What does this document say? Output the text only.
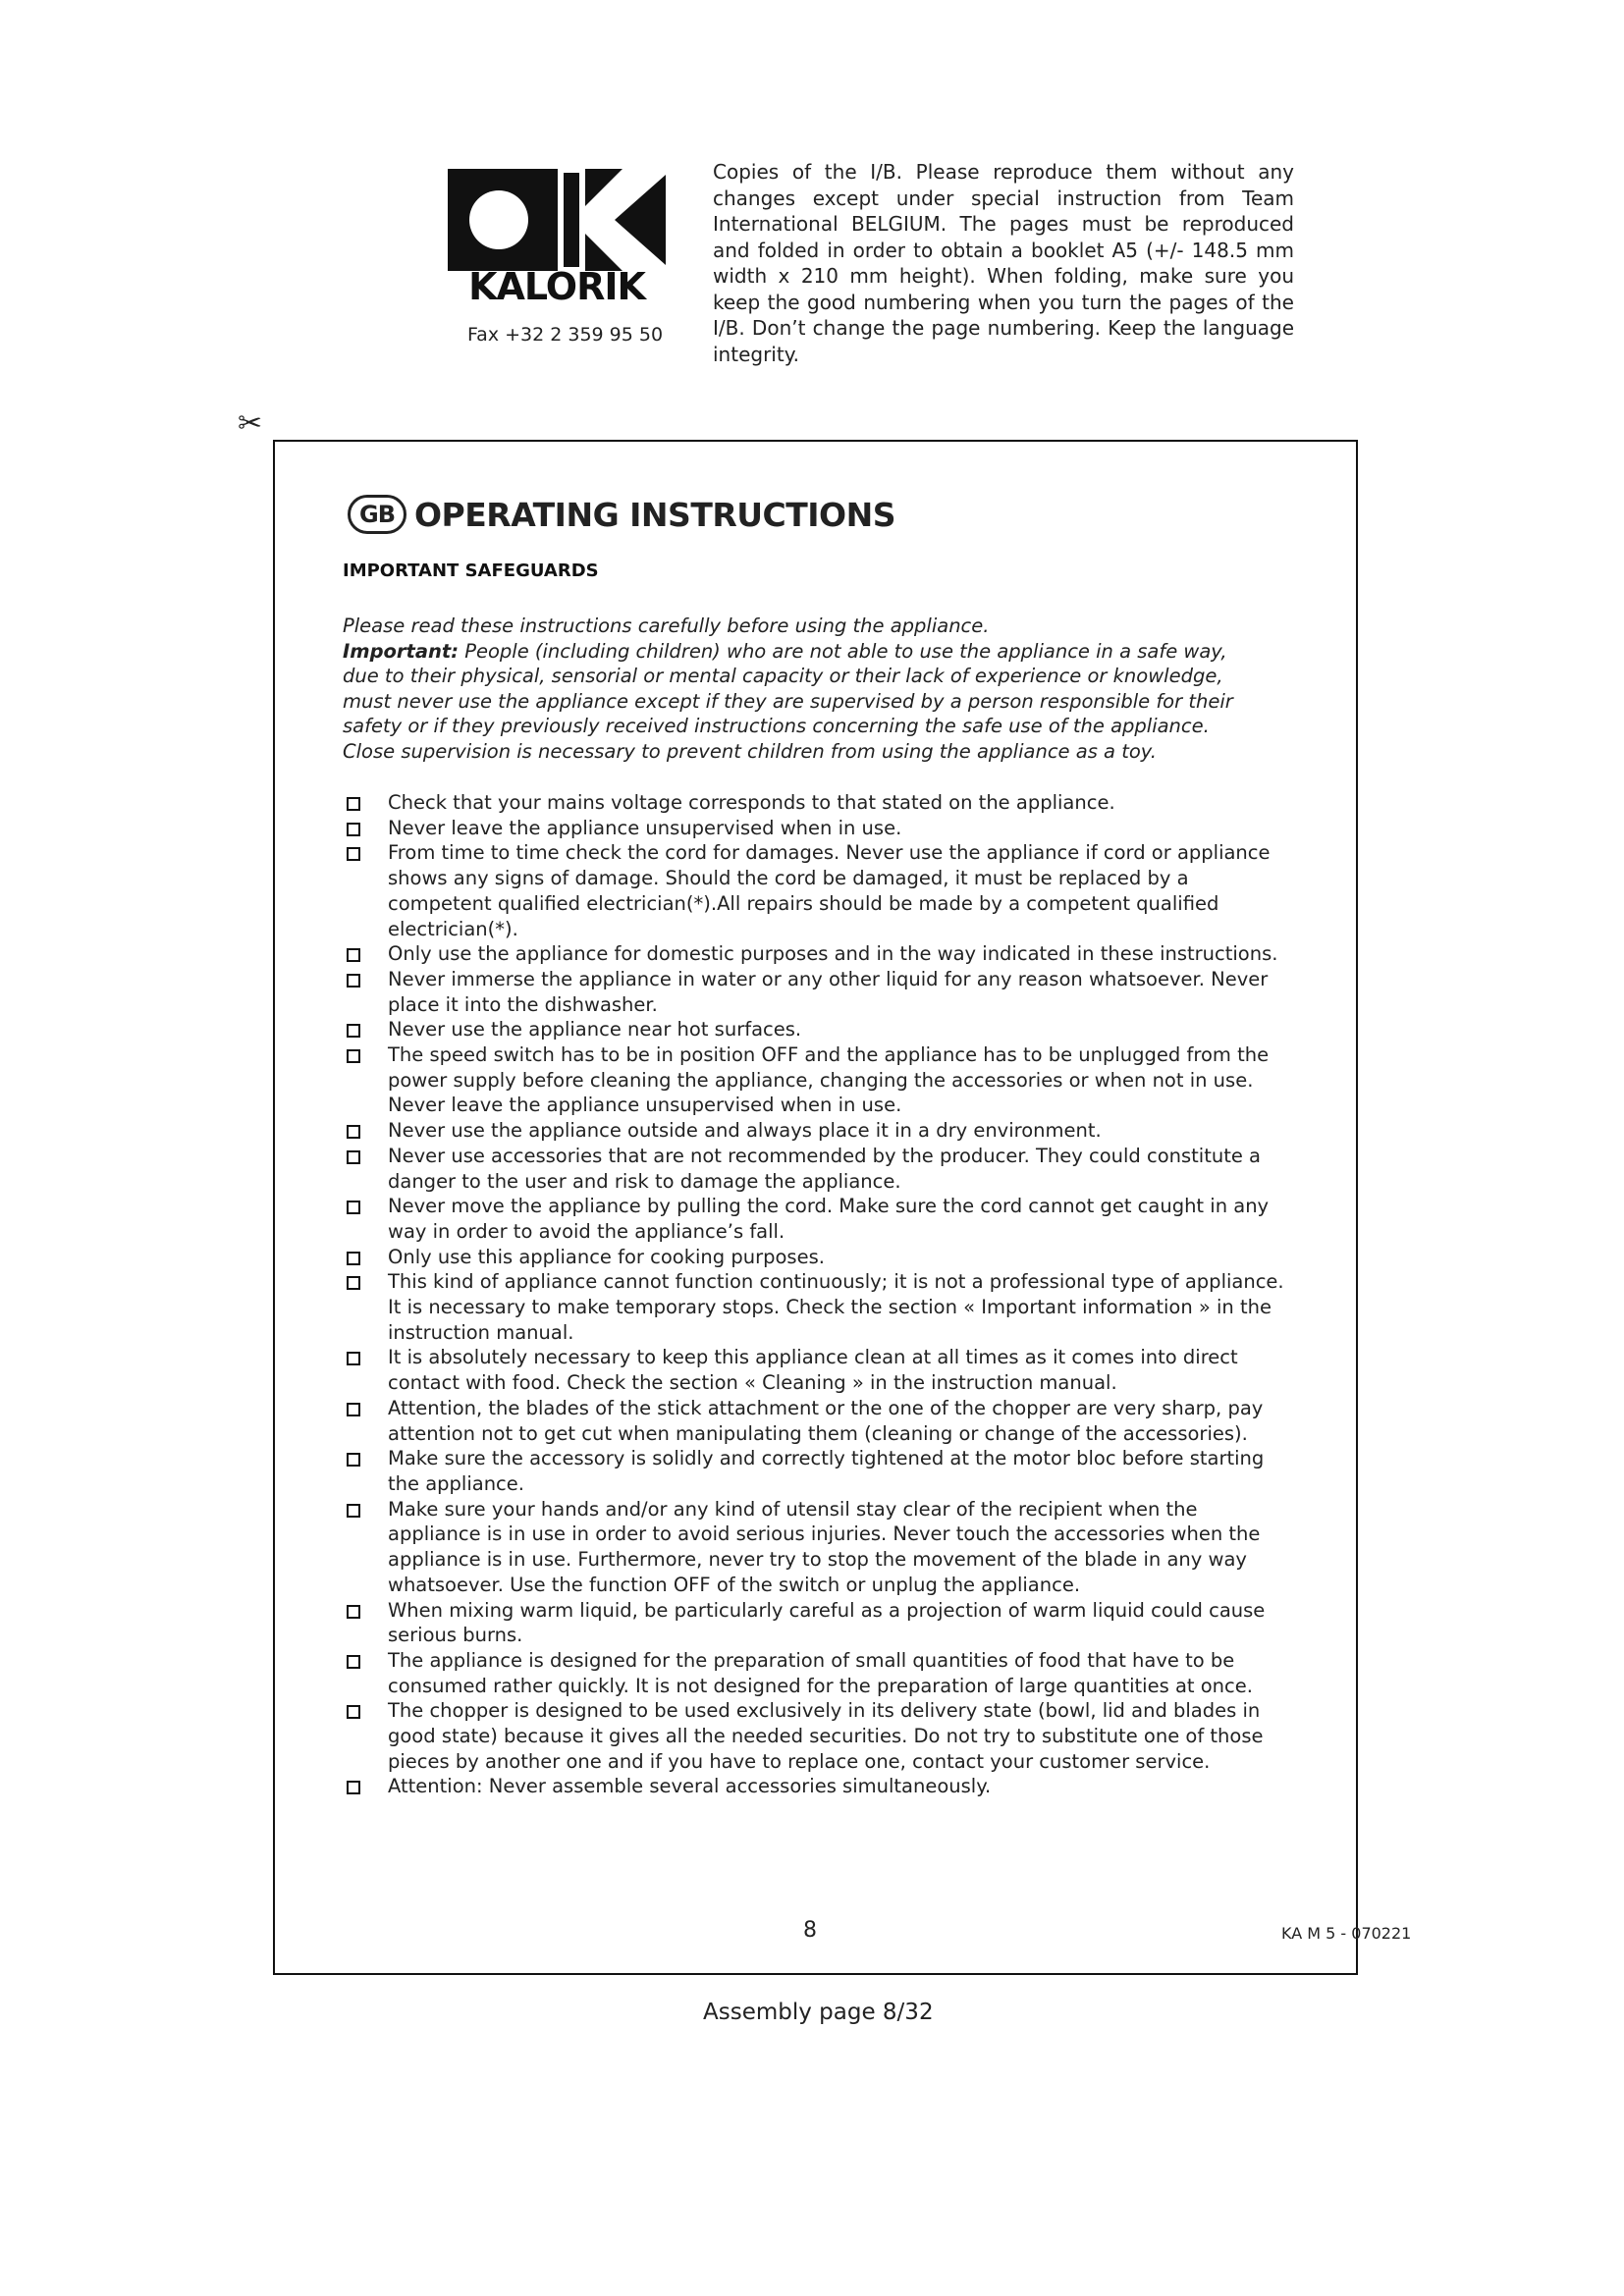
KALORIK
Fax +32 2 359 95 50
Copies of the I/B. Please reproduce them without any changes except under special instruction from Team International BELGIUM. The pages must be reproduced and folded in order to obtain a booklet A5 (+/- 148.5 mm width x 210 mm height). When folding, make sure you keep the good numbering when you turn the pages of the I/B. Don’t change the page numbering. Keep the language integrity.
✂
GB OPERATING INSTRUCTIONS
IMPORTANT SAFEGUARDS
Please read these instructions carefully before using the appliance.
Important: People (including children) who are not able to use the appliance in a safe way, due to their physical, sensorial or mental capacity or their lack of experience or knowledge, must never use the appliance except if they are supervised by a person responsible for their safety or if they previously received instructions concerning the safe use of the appliance. Close supervision is necessary to prevent children from using the appliance as a toy.
Check that your mains voltage corresponds to that stated on the appliance.
Never leave the appliance unsupervised when in use.
From time to time check the cord for damages. Never use the appliance if cord or appliance shows any signs of damage. Should the cord be damaged, it must be replaced by a competent qualified electrician(*).All repairs should be made by a competent qualified electrician(*).
Only use the appliance for domestic purposes and in the way indicated in these instructions.
Never immerse the appliance in water or any other liquid for any reason whatsoever. Never place it into the dishwasher.
Never use the appliance near hot surfaces.
The speed switch has to be in position OFF and the appliance has to be unplugged from the power supply before cleaning the appliance, changing the accessories or when not in use. Never leave the appliance unsupervised when in use.
Never use the appliance outside and always place it in a dry environment.
Never use accessories that are not recommended by the producer. They could constitute a danger to the user and risk to damage the appliance.
Never move the appliance by pulling the cord. Make sure the cord cannot get caught in any way in order to avoid the appliance’s fall.
Only use this appliance for cooking purposes.
This kind of appliance cannot function continuously; it is not a professional type of appliance. It is necessary to make temporary stops. Check the section « Important information » in the instruction manual.
It is absolutely necessary to keep this appliance clean at all times as it comes into direct contact with food. Check the section « Cleaning » in the instruction manual.
Attention, the blades of the stick attachment or the one of the chopper are very sharp, pay attention not to get cut when manipulating them (cleaning or change of the accessories).
Make sure the accessory is solidly and correctly tightened at the motor bloc before starting the appliance.
Make sure your hands and/or any kind of utensil stay clear of the recipient when the appliance is in use in order to avoid serious injuries. Never touch the accessories when the appliance is in use. Furthermore, never try to stop the movement of the blade in any way whatsoever. Use the function OFF of the switch or unplug the appliance.
When mixing warm liquid, be particularly careful as a projection of warm liquid could cause serious burns.
The appliance is designed for the preparation of small quantities of food that have to be consumed rather quickly. It is not designed for the preparation of large quantities at once.
The chopper is designed to be used exclusively in its delivery state (bowl, lid and blades in good state) because it gives all the needed securities. Do not try to substitute one of those pieces by another one and if you have to replace one, contact your customer service.
Attention: Never assemble several accessories simultaneously.
8	KA M 5 - 070221
Assembly page 8/32
